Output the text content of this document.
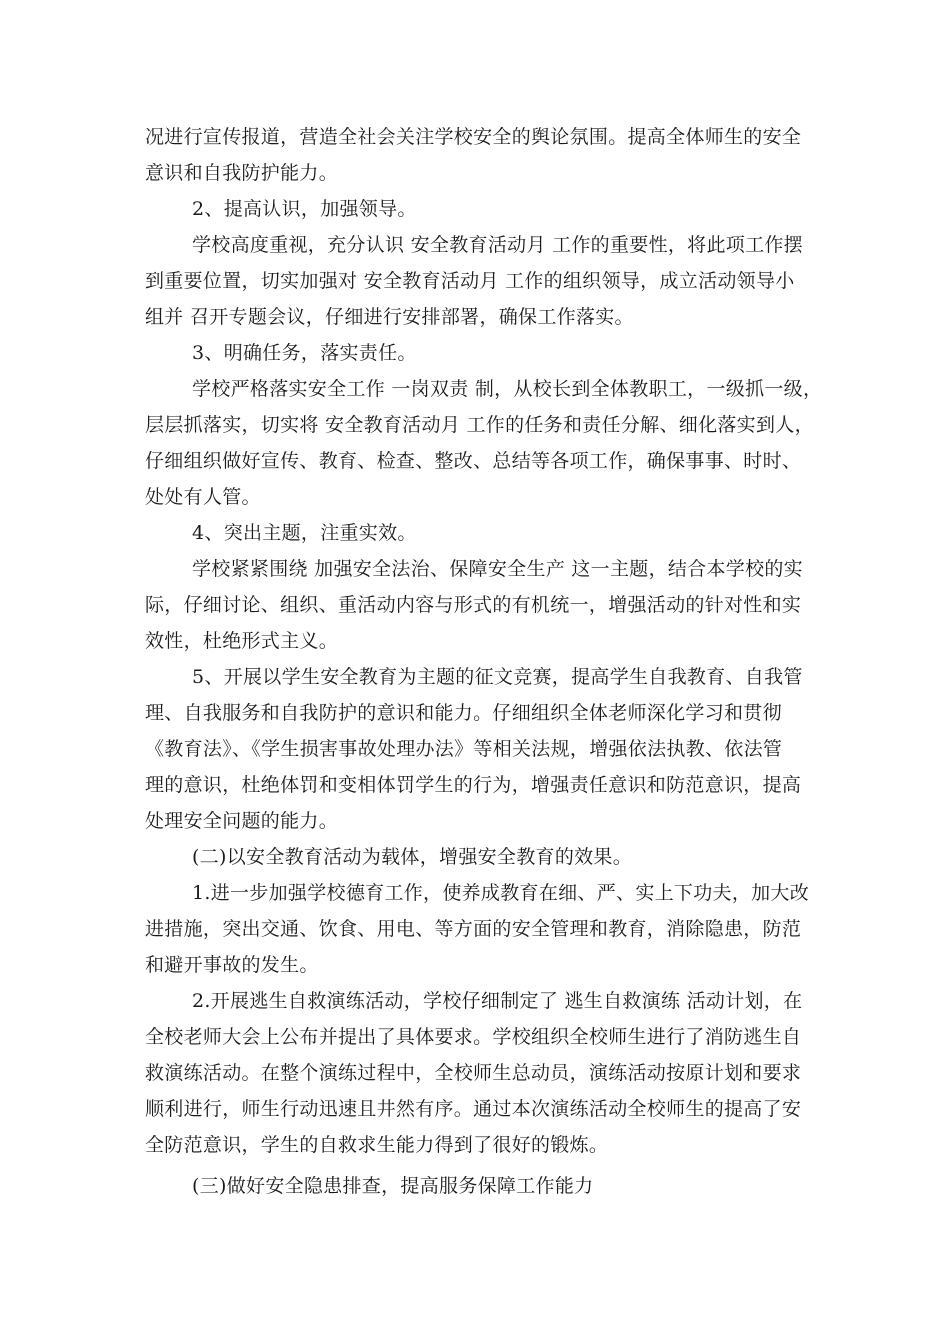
况进行宣传报道，营造全社会关注学校安全的舆论氛围。提高全体师生的安全
意识和自我防护能力。
2、提高认识，加强领导。
学校高度重视，充分认识 安全教育活动月 工作的重要性，将此项工作摆
到重要位置，切实加强对 安全教育活动月 工作的组织领导，成立活动领导小
组并 召开专题会议，仔细进行安排部署，确保工作落实。
3、明确任务，落实责任。
学校严格落实安全工作 一岗双责 制，从校长到全体教职工，一级抓一级，
层层抓落实，切实将 安全教育活动月 工作的任务和责任分解、细化落实到人，
仔细组织做好宣传、教育、检查、整改、总结等各项工作，确保事事、时时、
处处有人管。
4、突出主题，注重实效。
学校紧紧围绕 加强安全法治、保障安全生产 这一主题，结合本学校的实
际，仔细讨论、组织、重活动内容与形式的有机统一，增强活动的针对性和实
效性，杜绝形式主义。
5、开展以学生安全教育为主题的征文竞赛，提高学生自我教育、自我管
理、自我服务和自我防护的意识和能力。仔细组织全体老师深化学习和贯彻
《教育法》、《学生损害事故处理办法》等相关法规，增强依法执教、依法管
理的意识，杜绝体罚和变相体罚学生的行为，增强责任意识和防范意识，提高
处理安全问题的能力。
(二)以安全教育活动为载体，增强安全教育的效果。
1.进一步加强学校德育工作，使养成教育在细、严、实上下功夫，加大改
进措施，突出交通、饮食、用电、等方面的安全管理和教育，消除隐患，防范
和避开事故的发生。
2.开展逃生自救演练活动，学校仔细制定了 逃生自救演练 活动计划，在
全校老师大会上公布并提出了具体要求。学校组织全校师生进行了消防逃生自
救演练活动。在整个演练过程中，全校师生总动员，演练活动按原计划和要求
顺利进行，师生行动迅速且井然有序。通过本次演练活动全校师生的提高了安
全防范意识，学生的自救求生能力得到了很好的锻炼。
(三)做好安全隐患排查，提高服务保障工作能力
